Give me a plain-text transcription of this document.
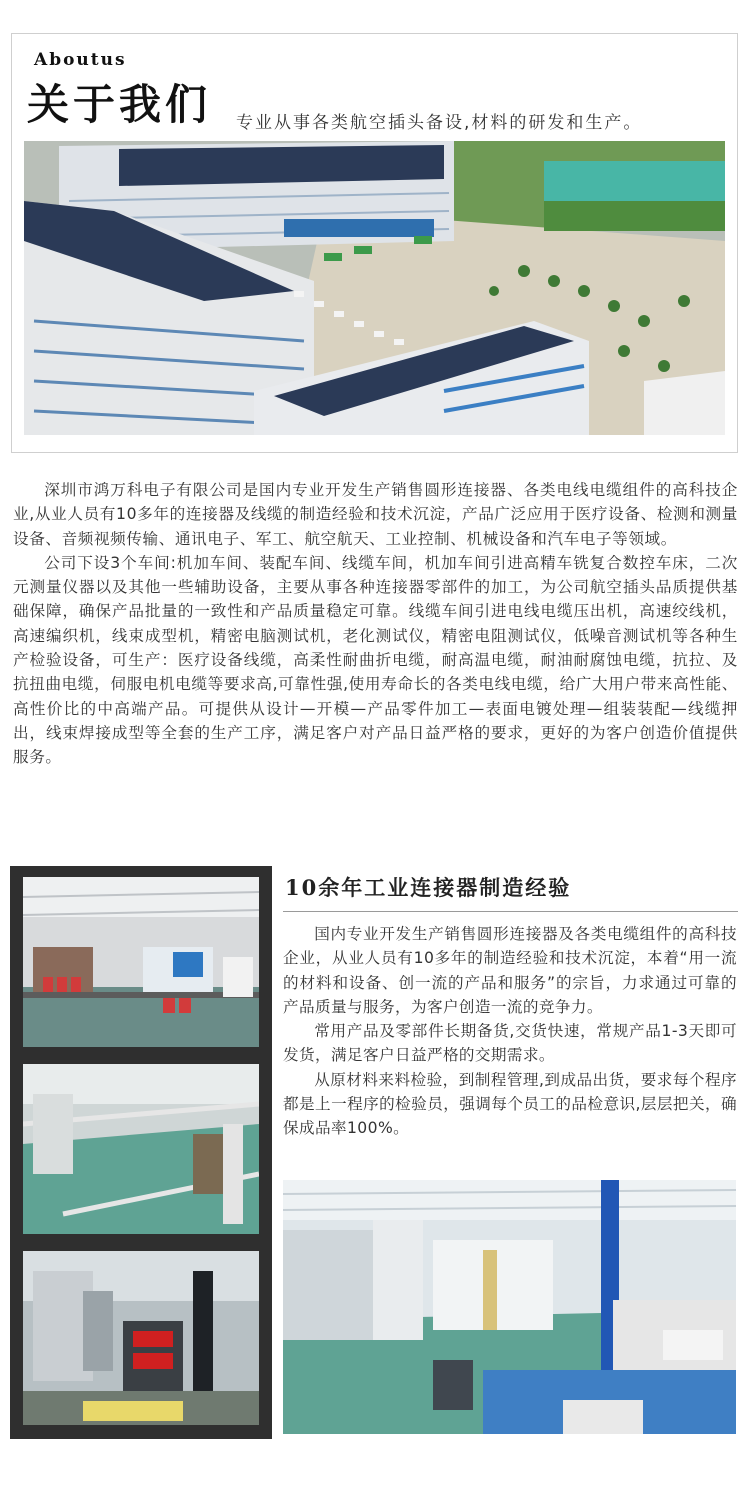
Aboutus
关于我们 专业从事各类航空插头备设,材料的研发和生产。

深圳市鸿万科电子有限公司是国内专业开发生产销售圆形连接器、各类电线电缆组件的高科技企业,从业人员有10多年的连接器及线缆的制造经验和技术沉淀，产品广泛应用于医疗设备、检测和测量设备、音频视频传输、通讯电子、军工、航空航天、工业控制、机械设备和汽车电子等领域。

公司下设3个车间:机加车间、装配车间、线缆车间，机加车间引进高精车铣复合数控车床，二次元测量仪器以及其他一些辅助设备，主要从事各种连接器零部件的加工，为公司航空插头品质提供基础保障，确保产品批量的一致性和产品质量稳定可靠。线缆车间引进电线电缆压出机，高速绞线机，高速编织机，线束成型机，精密电脑测试机，老化测试仪，精密电阻测试仪，低噪音测试机等各种生产检验设备，可生产：医疗设备线缆，高柔性耐曲折电缆，耐高温电缆，耐油耐腐蚀电缆，抗拉、及抗扭曲电缆，伺服电机电缆等要求高,可靠性强,使用寿命长的各类电线电缆，给广大用户带来高性能、高性价比的中高端产品。可提供从设计—开模—产品零件加工—表面电镀处理—组装装配—线缆押出，线束焊接成型等全套的生产工序，满足客户对产品日益严格的要求，更好的为客户创造价值提供服务。

10余年工业连接器制造经验

国内专业开发生产销售圆形连接器及各类电缆组件的高科技企业，从业人员有10多年的制造经验和技术沉淀，本着“用一流的材料和设备、创一流的产品和服务”的宗旨，力求通过可靠的产品质量与服务，为客户创造一流的竞争力。

常用产品及零部件长期备货,交货快速，常规产品1-3天即可发货，满足客户日益严格的交期需求。

从原材料来料检验，到制程管理,到成品出货，要求每个程序都是上一程序的检验员，强调每个员工的品检意识,层层把关，确保成品率100%。
